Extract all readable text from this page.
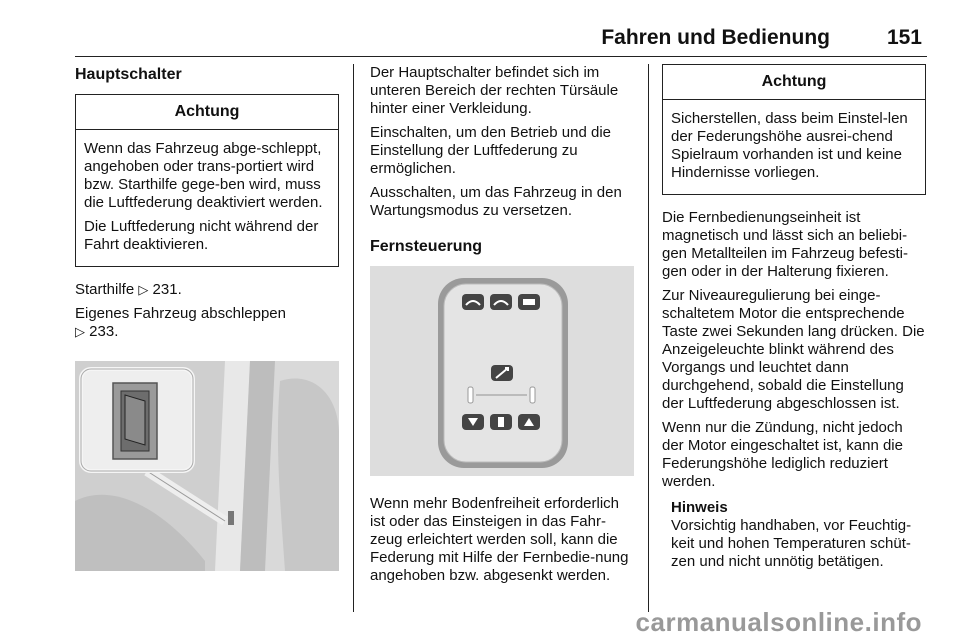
Fahren und Bedienung	151
Hauptschalter
Achtung

Wenn das Fahrzeug abge-schleppt, angehoben oder trans-portiert wird bzw. Starthilfe gege-ben wird, muss die Luftfederung deaktiviert werden.

Die Luftfederung nicht während der Fahrt deaktivieren.

Starthilfe ▷ 231.

Eigenes Fahrzeug abschleppen
▷ 233.

Der Hauptschalter befindet sich im unteren Bereich der rechten Türsäule hinter einer Verkleidung.

Einschalten, um den Betrieb und die Einstellung der Luftfederung zu ermöglichen.

Ausschalten, um das Fahrzeug in den Wartungsmodus zu versetzen.

Fernsteuerung

Wenn mehr Bodenfreiheit erforderlich ist oder das Einsteigen in das Fahr-zeug erleichtert werden soll, kann die Federung mit Hilfe der Fernbedie-nung angehoben bzw. abgesenkt werden.

Achtung

Sicherstellen, dass beim Einstel-len der Federungshöhe ausrei-chend Spielraum vorhanden ist und keine Hindernisse vorliegen.

Die Fernbedienungseinheit ist magnetisch und lässt sich an beliebi-gen Metallteilen im Fahrzeug befesti-gen oder in der Halterung fixieren.

Zur Niveauregulierung bei einge-schaltetem Motor die entsprechende Taste zwei Sekunden lang drücken. Die Anzeigeleuchte blinkt während des Vorgangs und leuchtet dann durchgehend, sobald die Einstellung der Luftfederung abgeschlossen ist.

Wenn nur die Zündung, nicht jedoch der Motor eingeschaltet ist, kann die Federungshöhe lediglich reduziert werden.

Hinweis
Vorsichtig handhaben, vor Feuchtig-keit und hohen Temperaturen schüt-zen und nicht unnötig betätigen.
carmanualsonline.info
